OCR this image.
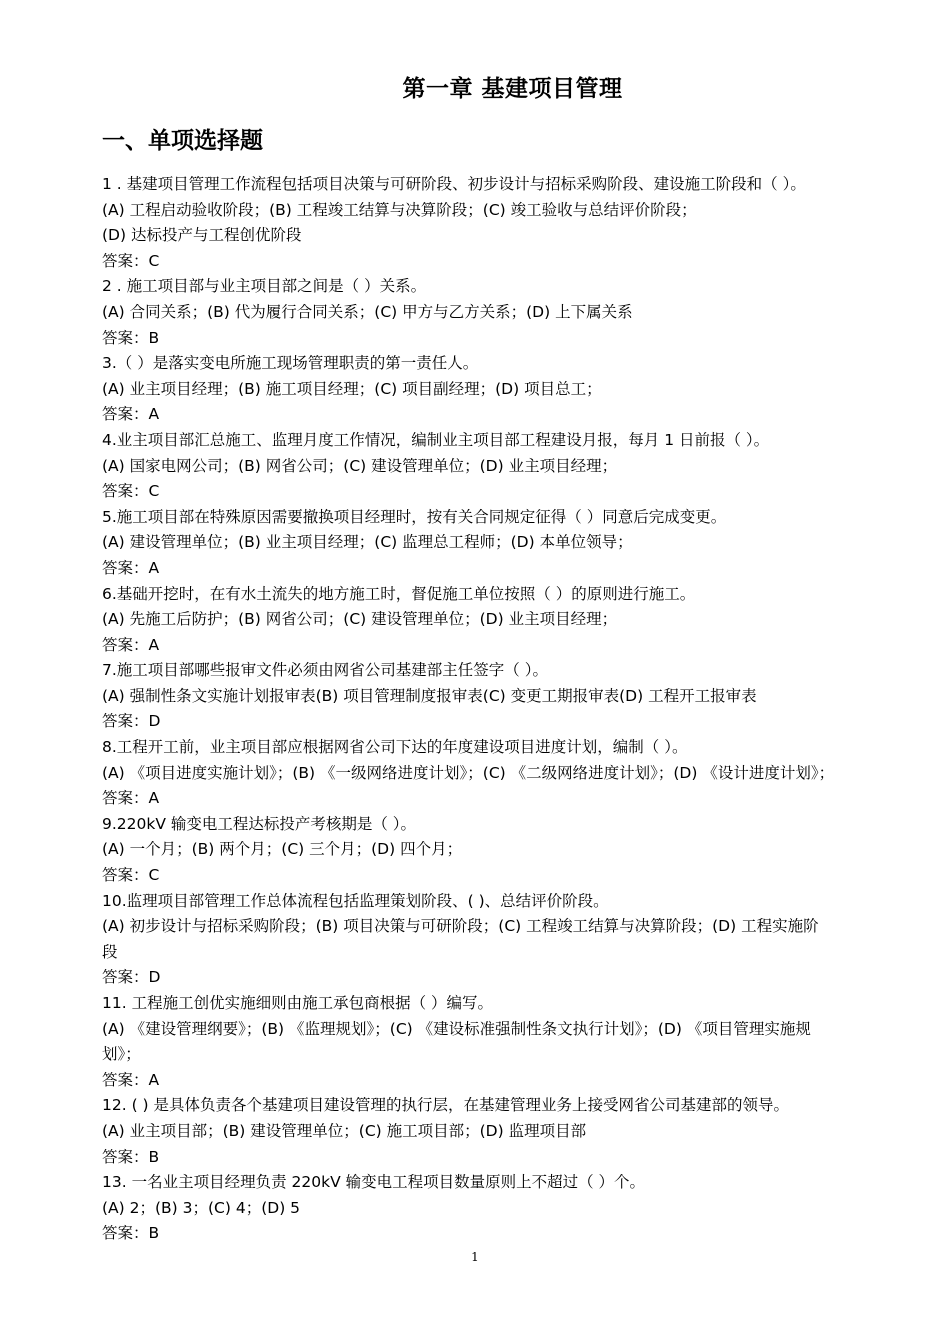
第一章 基建项目管理
一、单项选择题
1 . 基建项目管理工作流程包括项目决策与可研阶段、初步设计与招标采购阶段、建设施工阶段和（ ）。
(A) 工程启动验收阶段；(B) 工程竣工结算与决算阶段；(C) 竣工验收与总结评价阶段；
(D) 达标投产与工程创优阶段
答案：C
2 . 施工项目部与业主项目部之间是（ ）关系。
(A) 合同关系；(B) 代为履行合同关系；(C) 甲方与乙方关系；(D) 上下属关系
答案：B
3.（ ）是落实变电所施工现场管理职责的第一责任人。
(A) 业主项目经理；(B) 施工项目经理；(C) 项目副经理；(D) 项目总工；
答案：A
4.业主项目部汇总施工、监理月度工作情况，编制业主项目部工程建设月报，每月 1 日前报（ ）。
(A) 国家电网公司；(B) 网省公司；(C) 建设管理单位；(D) 业主项目经理；
答案：C
5.施工项目部在特殊原因需要撤换项目经理时，按有关合同规定征得（ ）同意后完成变更。
(A) 建设管理单位；(B) 业主项目经理；(C) 监理总工程师；(D) 本单位领导；
答案：A
6.基础开挖时，在有水土流失的地方施工时，督促施工单位按照（ ）的原则进行施工。
(A) 先施工后防护；(B) 网省公司；(C) 建设管理单位；(D) 业主项目经理；
答案：A
7.施工项目部哪些报审文件必须由网省公司基建部主任签字（ ）。
(A) 强制性条文实施计划报审表(B) 项目管理制度报审表(C) 变更工期报审表(D) 工程开工报审表
答案：D
8.工程开工前，业主项目部应根据网省公司下达的年度建设项目进度计划，编制（ ）。
(A) 《项目进度实施计划》；(B) 《一级网络进度计划》；(C) 《二级网络进度计划》；(D) 《设计进度计划》；
答案：A
9.220kV 输变电工程达标投产考核期是（ ）。
(A) 一个月；(B) 两个月；(C) 三个月；(D) 四个月；
答案：C
10.监理项目部管理工作总体流程包括监理策划阶段、( )、总结评价阶段。
(A) 初步设计与招标采购阶段；(B) 项目决策与可研阶段；(C) 工程竣工结算与决算阶段；(D) 工程实施阶
段
答案：D
11. 工程施工创优实施细则由施工承包商根据（ ）编写。
(A) 《建设管理纲要》；(B) 《监理规划》；(C) 《建设标准强制性条文执行计划》；(D) 《项目管理实施规
划》；
答案：A
12. ( ) 是具体负责各个基建项目建设管理的执行层，在基建管理业务上接受网省公司基建部的领导。
(A) 业主项目部；(B) 建设管理单位；(C) 施工项目部；(D) 监理项目部
答案：B
13. 一名业主项目经理负责 220kV 输变电工程项目数量原则上不超过（ ）个。
(A) 2；(B) 3；(C) 4；(D) 5
答案：B
1
